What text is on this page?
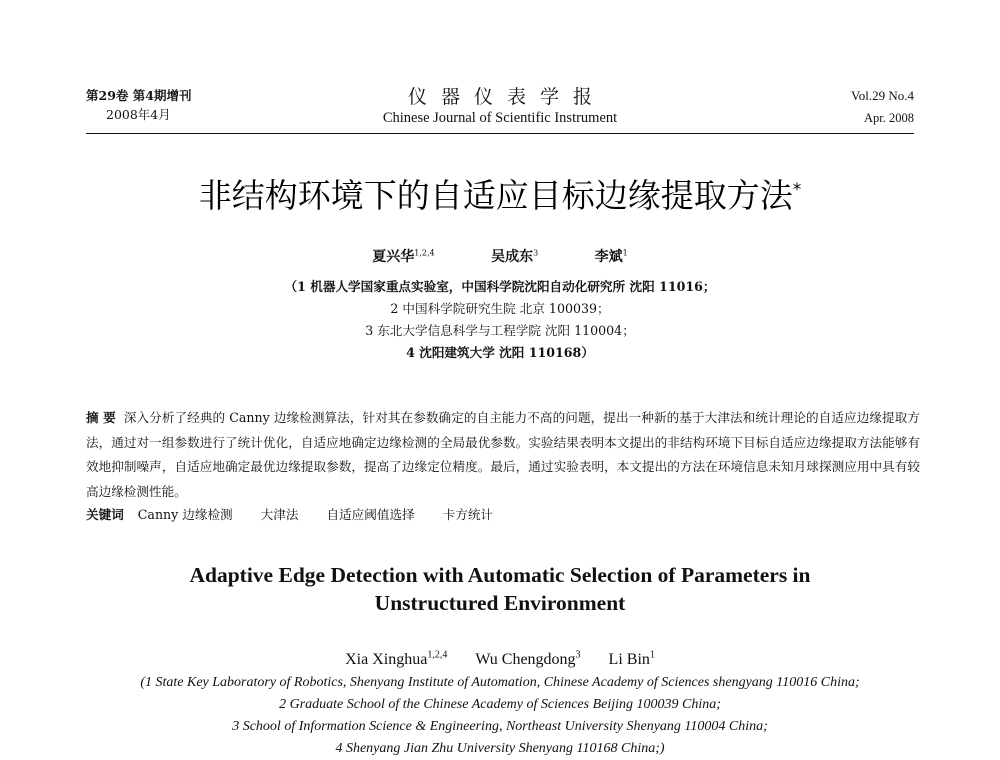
第29卷 第4期增刊
2008年4月
仪器仪表学报
Chinese Journal of Scientific Instrument
Vol.29 No.4
Apr. 2008
非结构环境下的自适应目标边缘提取方法*
夏兴华$^{1,2,4}$	吴成东$^3$	李斌$^1$
（1 机器人学国家重点实验室，中国科学院沈阳自动化研究所 沈阳 11016；
2 中国科学院研究生院 北京 100039；
3 东北大学信息科学与工程学院 沈阳 110004；
4 沈阳建筑大学 沈阳 110168）
摘 要 深入分析了经典的 Canny 边缘检测算法，针对其在参数确定的自主能力不高的问题，提出一种新的基于大津法和统计理论的自适应边缘提取方法，通过对一组参数进行了统计优化，自适应地确定边缘检测的全局最优参数。实验结果表明本文提出的非结构环境下目标自适应边缘提取方法能够有效地抑制噪声，自适应地确定最优边缘提取参数，提高了边缘定位精度。最后，通过实验表明，本文提出的方法在环境信息未知月球探测应用中具有较高边缘检测性能。
关键词 Canny 边缘检测 大津法 自适应阈值选择 卡方统计
Adaptive Edge Detection with Automatic Selection of Parameters in
Unstructured Environment
Xia Xinghua$^{1,2,4}$ Wu Chengdong$^3$ Li Bin$^1$
(1 State Key Laboratory of Robotics, Shenyang Institute of Automation, Chinese Academy of Sciences shengyang 110016 China;
2 Graduate School of the Chinese Academy of Sciences Beijing 100039 China;
3 School of Information Science & Engineering, Northeast University Shenyang 110004 China;
4 Shenyang Jian Zhu University Shenyang 110168 China;)
